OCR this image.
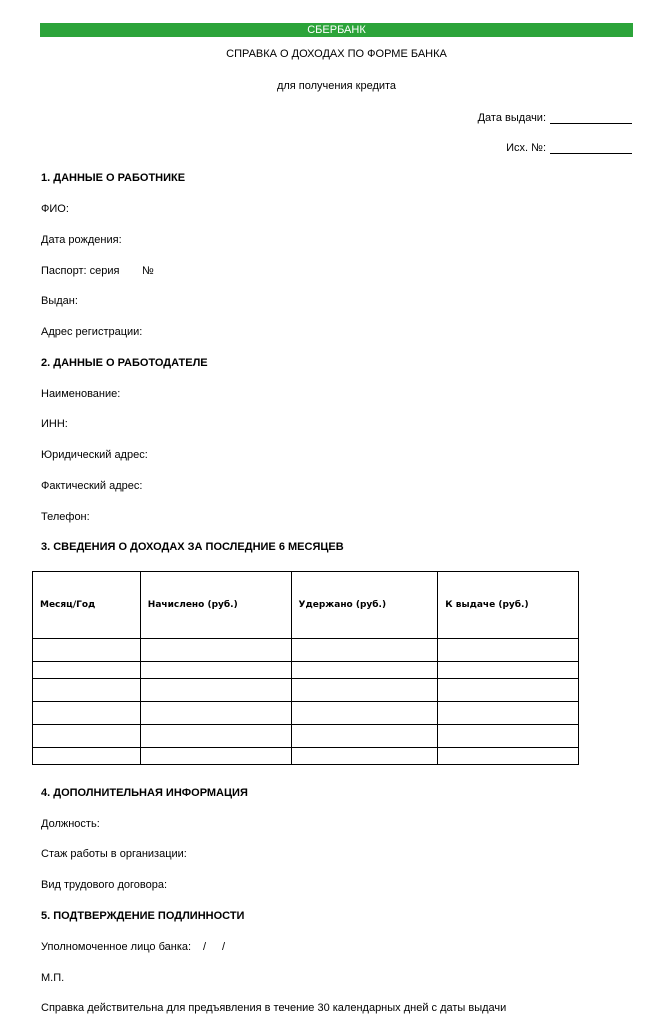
СБЕРБАНК
СПРАВКА О ДОХОДАХ ПО ФОРМЕ БАНКА
для получения кредита
Дата выдачи:
Исх. №:
1. ДАННЫЕ О РАБОТНИКЕ
ФИО:
Дата рождения:
Паспорт: серия №
Выдан:
Адрес регистрации:
2. ДАННЫЕ О РАБОТОДАТЕЛЕ
Наименование:
ИНН:
Юридический адрес:
Фактический адрес:
Телефон:
3. СВЕДЕНИЯ О ДОХОДАХ ЗА ПОСЛЕДНИЕ 6 МЕСЯЦЕВ
Месяц/Год	Начислено (руб.)	Удержано (руб.)	К выдаче (руб.)

4. ДОПОЛНИТЕЛЬНАЯ ИНФОРМАЦИЯ
Должность:
Стаж работы в организации:
Вид трудового договора:
5. ПОДТВЕРЖДЕНИЕ ПОДЛИННОСТИ
Уполномоченное лицо банка: / /
М.П.
Справка действительна для предъявления в течение 30 календарных дней с даты выдачи
